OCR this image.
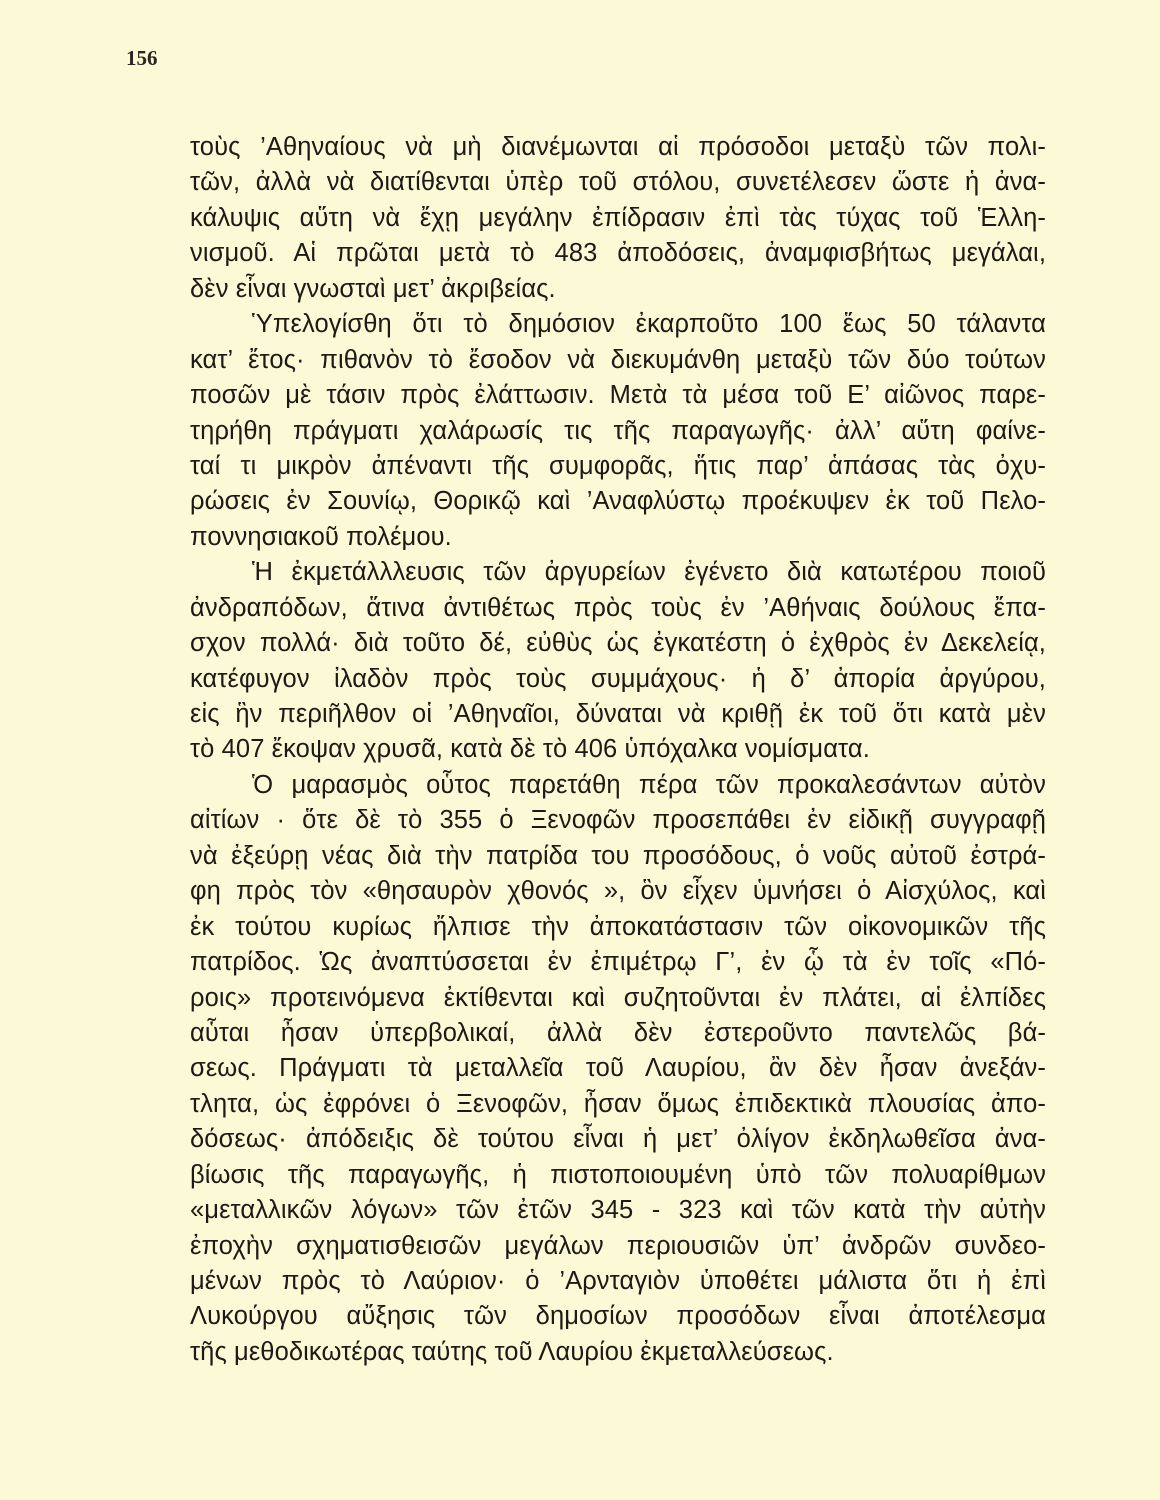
156
τοὺς ’Αθηναίους νὰ μὴ διανέμωνται αἱ πρόσοδοι μεταξὺ τῶν πολι-
τῶν, ἀλλὰ νὰ διατίθενται ὑπὲρ τοῦ στόλου, συνετέλεσεν ὥστε ἡ ἀνα-
κάλυψις αὕτη νὰ ἔχῃ μεγάλην ἐπίδρασιν ἐπὶ τὰς τύχας τοῦ Ἑλλη-
νισμοῦ. Αἱ πρῶται μετὰ τὸ 483 ἀποδόσεις, ἀναμφισβήτως μεγάλαι,
δὲν εἶναι γνωσταὶ μετ’ ἀκριβείας.
Ὑπελογίσθη ὅτι τὸ δημόσιον ἐκαρποῦτο 100 ἕως 50 τάλαντα
κατ’ ἔτος· πιθανὸν τὸ ἔσοδον νὰ διεκυμάνθη μεταξὺ τῶν δύο τούτων
ποσῶν μὲ τάσιν πρὸς ἐλάττωσιν. Μετὰ τὰ μέσα τοῦ Ε’ αἰῶνος παρε-
τηρήθη πράγματι χαλάρωσίς τις τῆς παραγωγῆς· ἀλλ’ αὕτη φαίνε-
ταί τι μικρὸν ἀπέναντι τῆς συμφορᾶς, ἥτις παρ’ ἁπάσας τὰς ὀχυ-
ρώσεις ἐν Σουνίῳ, Θορικῷ καὶ ’Αναφλύστῳ προέκυψεν ἐκ τοῦ Πελο-
ποννησιακοῦ πολέμου.
Ἡ ἐκμετάλλλευσις τῶν ἀργυρείων ἐγένετο διὰ κατωτέρου ποιοῦ
ἀνδραπόδων, ἅτινα ἀντιθέτως πρὸς τοὺς ἐν ’Αθήναις δούλους ἔπα-
σχον πολλά· διὰ τοῦτο δέ, εὐθὺς ὡς ἐγκατέστη ὁ ἐχθρὸς ἐν Δεκελείᾳ,
κατέφυγον ἰλαδὸν πρὸς τοὺς συμμάχους· ἡ δ’ ἀπορία ἀργύρου,
εἰς ἣν περιῆλθον οἱ ’Αθηναῖοι, δύναται νὰ κριθῇ ἐκ τοῦ ὅτι κατὰ μὲν
τὸ 407 ἔκοψαν χρυσᾶ, κατὰ δὲ τὸ 406 ὑπόχαλκα νομίσματα.
Ὁ μαρασμὸς οὗτος παρετάθη πέρα τῶν προκαλεσάντων αὐτὸν
αἰτίων · ὅτε δὲ τὸ 355 ὁ Ξενοφῶν προσεπάθει ἐν εἰδικῇ συγγραφῇ
νὰ ἐξεύρῃ νέας διὰ τὴν πατρίδα του προσόδους, ὁ νοῦς αὐτοῦ ἐστρά-
φη πρὸς τὸν «θησαυρὸν χθονός », ὃν εἶχεν ὑμνήσει ὁ Αἰσχύλος, καὶ
ἐκ τούτου κυρίως ἤλπισε τὴν ἀποκατάστασιν τῶν οἰκονομικῶν τῆς
πατρίδος. Ὡς ἀναπτύσσεται ἐν ἐπιμέτρῳ Γ’, ἐν ᾧ τὰ ἐν τοῖς «Πό-
ροις» προτεινόμενα ἐκτίθενται καὶ συζητοῦνται ἐν πλάτει, αἱ ἐλπίδες
αὗται ἦσαν ὑπερβολικαί, ἀλλὰ δὲν ἐστεροῦντο παντελῶς βά-
σεως. Πράγματι τὰ μεταλλεῖα τοῦ Λαυρίου, ἂν δὲν ἦσαν ἀνεξάν-
τλητα, ὡς ἐφρόνει ὁ Ξενοφῶν, ἦσαν ὅμως ἐπιδεκτικὰ πλουσίας ἀπο-
δόσεως· ἀπόδειξις δὲ τούτου εἶναι ἡ μετ’ ὀλίγον ἐκδηλωθεῖσα ἀνα-
βίωσις τῆς παραγωγῆς, ἡ πιστοποιουμένη ὑπὸ τῶν πολυαρίθμων
«μεταλλικῶν λόγων» τῶν ἐτῶν 345 - 323 καὶ τῶν κατὰ τὴν αὐτὴν
ἐποχὴν σχηματισθεισῶν μεγάλων περιουσιῶν ὑπ’ ἀνδρῶν συνδεο-
μένων πρὸς τὸ Λαύριον· ὁ ’Αρνταγιὸν ὑποθέτει μάλιστα ὅτι ἡ ἐπὶ
Λυκούργου αὔξησις τῶν δημοσίων προσόδων εἶναι ἀποτέλεσμα
τῆς μεθοδικωτέρας ταύτης τοῦ Λαυρίου ἐκμεταλλεύσεως.
